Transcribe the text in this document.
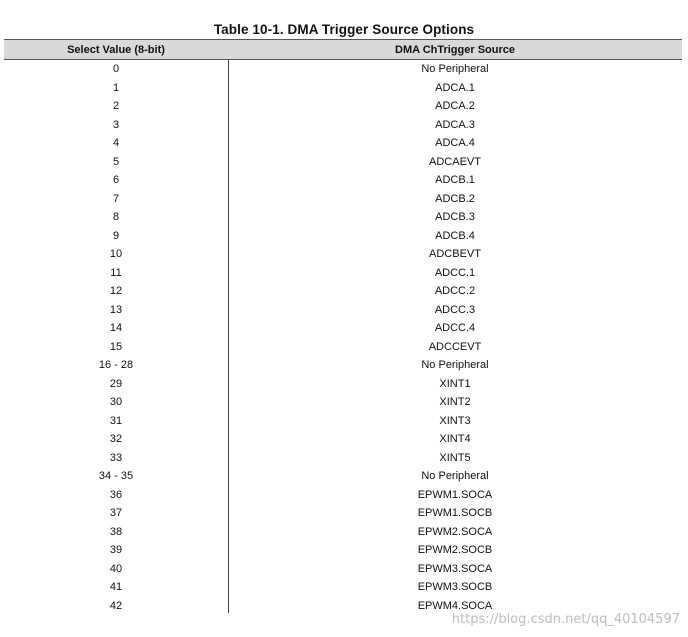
Table 10-1. DMA Trigger Source Options
Select Value (8-bit)	DMA ChTrigger Source
0	No Peripheral
1	ADCA.1
2	ADCA.2
3	ADCA.3
4	ADCA.4
5	ADCAEVT
6	ADCB.1
7	ADCB.2
8	ADCB.3
9	ADCB.4
10	ADCBEVT
11	ADCC.1
12	ADCC.2
13	ADCC.3
14	ADCC.4
15	ADCCEVT
16 - 28	No Peripheral
29	XINT1
30	XINT2
31	XINT3
32	XINT4
33	XINT5
34 - 35	No Peripheral
36	EPWM1.SOCA
37	EPWM1.SOCB
38	EPWM2.SOCA
39	EPWM2.SOCB
40	EPWM3.SOCA
41	EPWM3.SOCB
42	EPWM4.SOCA
https://blog.csdn.net/qq_40104597
